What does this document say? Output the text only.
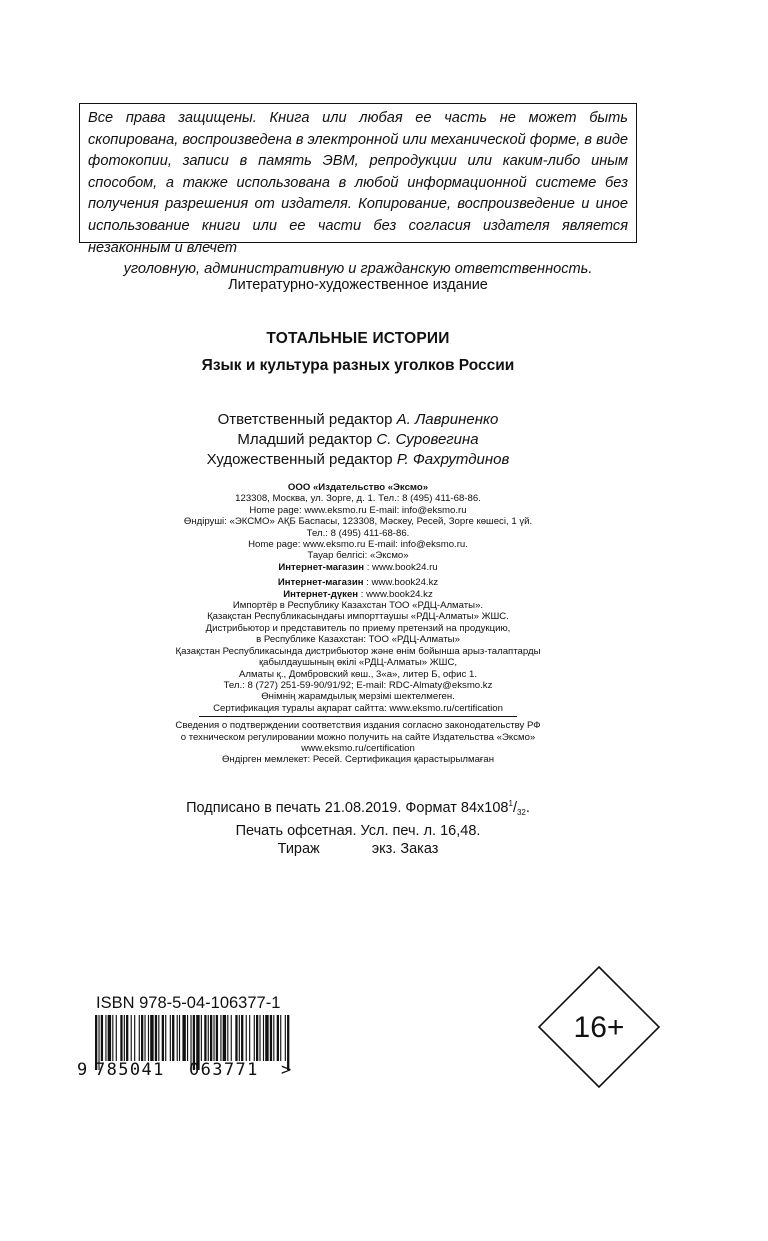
Все права защищены. Книга или любая ее часть не может быть скопирована, воспроизведена в электронной или механической форме, в виде фотокопии, записи в память ЭВМ, репродукции или каким-либо иным способом, а также использована в любой информационной системе без получения разрешения от издателя. Копирование, воспроизведение и иное использование книги или ее части без согласия издателя является незаконным и влечет
уголовную, административную и гражданскую ответственность.
Литературно-художественное издание
ТОТАЛЬНЫЕ ИСТОРИИ
Язык и культура разных уголков России
Ответственный редактор А. Лавриненко
Младший редактор С. Суровегина
Художественный редактор Р. Фахрутдинов
ООО «Издательство «Эксмо»
123308, Москва, ул. Зорге, д. 1. Тел.: 8 (495) 411-68-86.
Home page: www.eksmo.ru E-mail: info@eksmo.ru
Өндіруші: «ЭКСМО» АҚБ Баспасы, 123308, Мәскеу, Ресей, Зорге көшесі, 1 үй.
Тел.: 8 (495) 411-68-86.
Home page: www.eksmo.ru E-mail: info@eksmo.ru.
Тауар белгісі: «Эксмо»
Интернет-магазин : www.book24.ru
Интернет-магазин : www.book24.kz
Интернет-дүкен : www.book24.kz
Импортёр в Республику Казахстан ТОО «РДЦ-Алматы».
Қазақстан Республикасындағы импорттаушы «РДЦ-Алматы» ЖШС.
Дистрибьютор и представитель по приему претензий на продукцию,
в Республике Казахстан: ТОО «РДЦ-Алматы»
Қазақстан Республикасында дистрибьютор және өнім бойынша арыз-талаптарды
қабылдаушының өкілі «РДЦ-Алматы» ЖШС,
Алматы қ., Домбровский көш., 3«а», литер Б, офис 1.
Тел.: 8 (727) 251-59-90/91/92; E-mail: RDC-Almaty@eksmo.kz
Өнімнің жарамдылық мерзімі шектелмеген.
Сертификация туралы ақпарат сайтта: www.eksmo.ru/certification
Сведения о подтверждении соответствия издания согласно законодательству РФ
о техническом регулировании можно получить на сайте Издательства «Эксмо»
www.eksmo.ru/certification
Өндірген мемлекет: Ресей. Сертификация қарастырылмаған
Подписано в печать 21.08.2019. Формат $84x108^1/_{32}$.
Печать офсетная. Усл. печ. л. 16,48.
Тираж	экз. Заказ
ISBN 978-5-04-106377-1
9 785041 063771 >
16+
